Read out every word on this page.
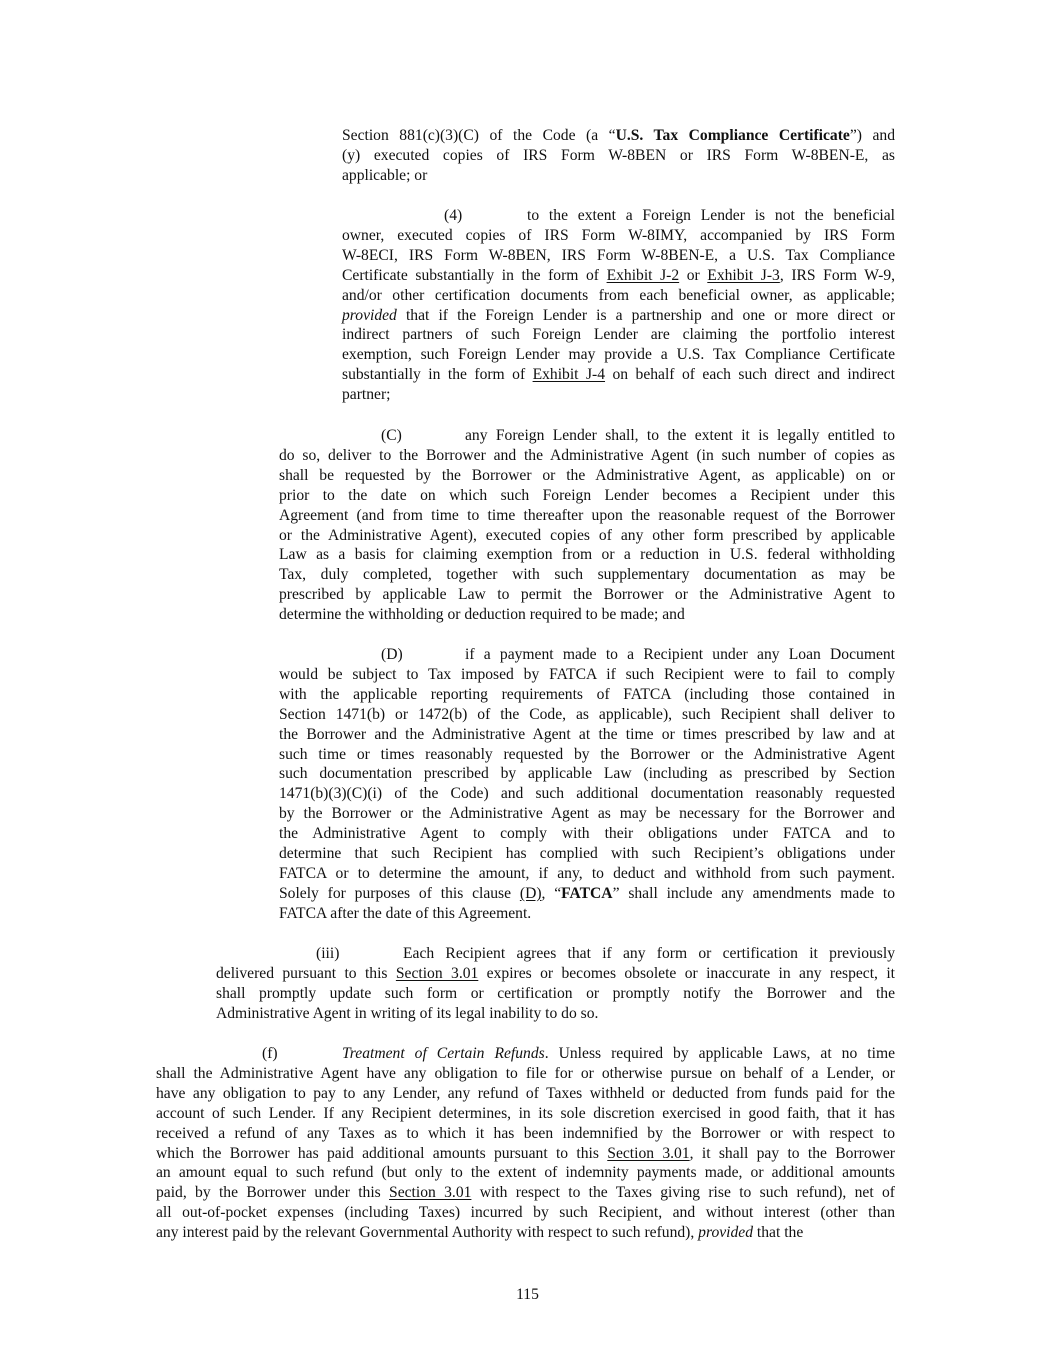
Section 881(c)(3)(C) of the Code (a “U.S. Tax Compliance Certificate”) and
(y) executed copies of IRS Form W-8BEN or IRS Form W-8BEN-E, as
applicable; or
(4)	to the extent a Foreign Lender is not the beneficial
owner, executed copies of IRS Form W-8IMY, accompanied by IRS Form
W-8ECI, IRS Form W-8BEN, IRS Form W-8BEN-E, a U.S. Tax Compliance
Certificate substantially in the form of Exhibit J-2 or Exhibit J-3, IRS Form W-9,
and/or other certification documents from each beneficial owner, as applicable;
provided that if the Foreign Lender is a partnership and one or more direct or
indirect partners of such Foreign Lender are claiming the portfolio interest
exemption, such Foreign Lender may provide a U.S. Tax Compliance Certificate
substantially in the form of Exhibit J-4 on behalf of each such direct and indirect
partner;
(C)	any Foreign Lender shall, to the extent it is legally entitled to
do so, deliver to the Borrower and the Administrative Agent (in such number of copies as
shall be requested by the Borrower or the Administrative Agent, as applicable) on or
prior to the date on which such Foreign Lender becomes a Recipient under this
Agreement (and from time to time thereafter upon the reasonable request of the Borrower
or the Administrative Agent), executed copies of any other form prescribed by applicable
Law as a basis for claiming exemption from or a reduction in U.S. federal withholding
Tax, duly completed, together with such supplementary documentation as may be
prescribed by applicable Law to permit the Borrower or the Administrative Agent to
determine the withholding or deduction required to be made; and
(D)	if a payment made to a Recipient under any Loan Document
would be subject to Tax imposed by FATCA if such Recipient were to fail to comply
with the applicable reporting requirements of FATCA (including those contained in
Section 1471(b) or 1472(b) of the Code, as applicable), such Recipient shall deliver to
the Borrower and the Administrative Agent at the time or times prescribed by law and at
such time or times reasonably requested by the Borrower or the Administrative Agent
such documentation prescribed by applicable Law (including as prescribed by Section
1471(b)(3)(C)(i) of the Code) and such additional documentation reasonably requested
by the Borrower or the Administrative Agent as may be necessary for the Borrower and
the Administrative Agent to comply with their obligations under FATCA and to
determine that such Recipient has complied with such Recipient’s obligations under
FATCA or to determine the amount, if any, to deduct and withhold from such payment.
Solely for purposes of this clause (D), “FATCA” shall include any amendments made to
FATCA after the date of this Agreement.
(iii)	Each Recipient agrees that if any form or certification it previously
delivered pursuant to this Section 3.01 expires or becomes obsolete or inaccurate in any respect, it
shall promptly update such form or certification or promptly notify the Borrower and the
Administrative Agent in writing of its legal inability to do so.
(f)	Treatment of Certain Refunds. Unless required by applicable Laws, at no time
shall the Administrative Agent have any obligation to file for or otherwise pursue on behalf of a Lender, or
have any obligation to pay to any Lender, any refund of Taxes withheld or deducted from funds paid for the
account of such Lender. If any Recipient determines, in its sole discretion exercised in good faith, that it has
received a refund of any Taxes as to which it has been indemnified by the Borrower or with respect to
which the Borrower has paid additional amounts pursuant to this Section 3.01, it shall pay to the Borrower
an amount equal to such refund (but only to the extent of indemnity payments made, or additional amounts
paid, by the Borrower under this Section 3.01 with respect to the Taxes giving rise to such refund), net of
all out-of-pocket expenses (including Taxes) incurred by such Recipient, and without interest (other than
any interest paid by the relevant Governmental Authority with respect to such refund), provided that the
115
